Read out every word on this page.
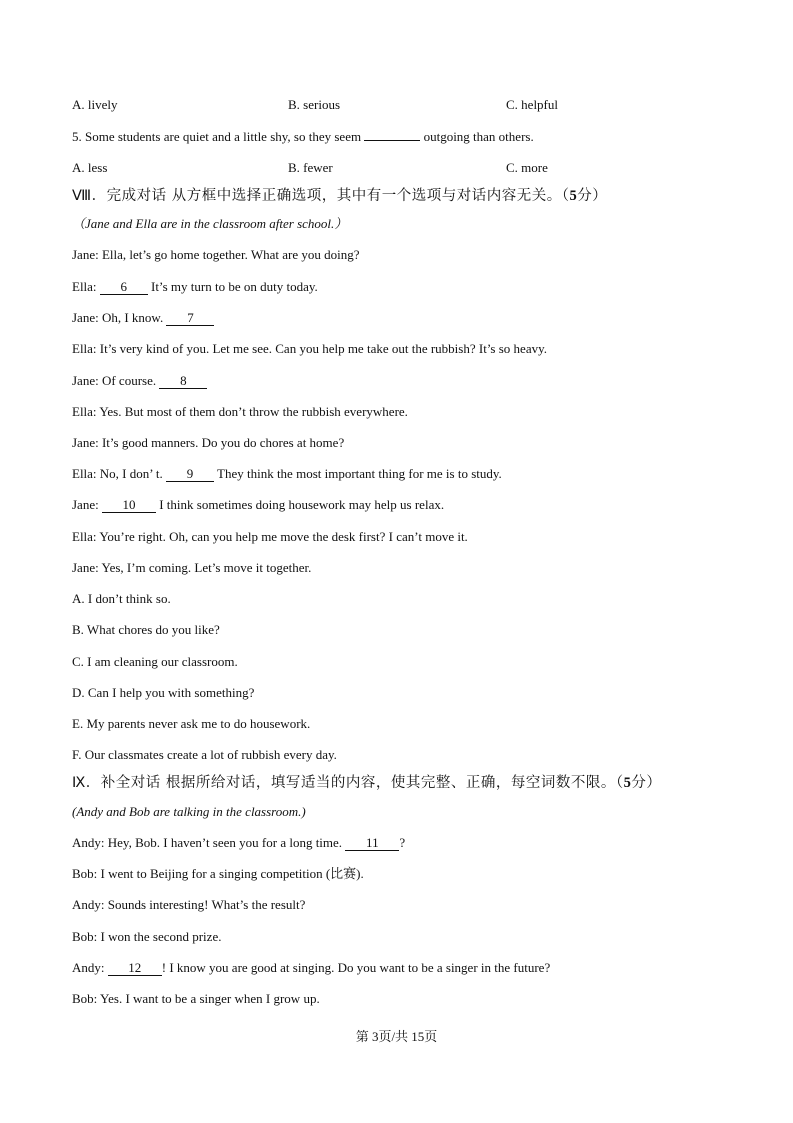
A. lively	B. serious	C. helpful
5. Some students are quiet and a little shy, so they seem	outgoing than others.
A. less	B. fewer	C. more
Ⅷ．完成对话 从方框中选择正确选项，其中有一个选项与对话内容无关。（5分）
（Jane and Ella are in the classroom after school.）
Jane: Ella, let’s go home together. What are you doing?
Ella: 6 It’s my turn to be on duty today.
Jane: Oh, I know. 7
Ella: It’s very kind of you. Let me see. Can you help me take out the rubbish? It’s so heavy.
Jane: Of course. 8
Ella: Yes. But most of them don’t throw the rubbish everywhere.
Jane: It’s good manners. Do you do chores at home?
Ella: No, I don’ t. 9 They think the most important thing for me is to study.
Jane: 10 I think sometimes doing housework may help us relax.
Ella: You’re right. Oh, can you help me move the desk first? I can’t move it.
Jane: Yes, I’m coming. Let’s move it together.
A. I don’t think so.
B. What chores do you like?
C. I am cleaning our classroom.
D. Can I help you with something?
E. My parents never ask me to do housework.
F. Our classmates create a lot of rubbish every day.
Ⅸ．补全对话 根据所给对话，填写适当的内容，使其完整、正确，每空词数不限。（5分）
(Andy and Bob are talking in the classroom.)
Andy: Hey, Bob. I haven’t seen you for a long time. 11 ?
Bob: I went to Beijing for a singing competition (比赛).
Andy: Sounds interesting! What’s the result?
Bob: I won the second prize.
Andy: 12 ! I know you are good at singing. Do you want to be a singer in the future?
Bob: Yes. I want to be a singer when I grow up.
第 3页/共 15页
